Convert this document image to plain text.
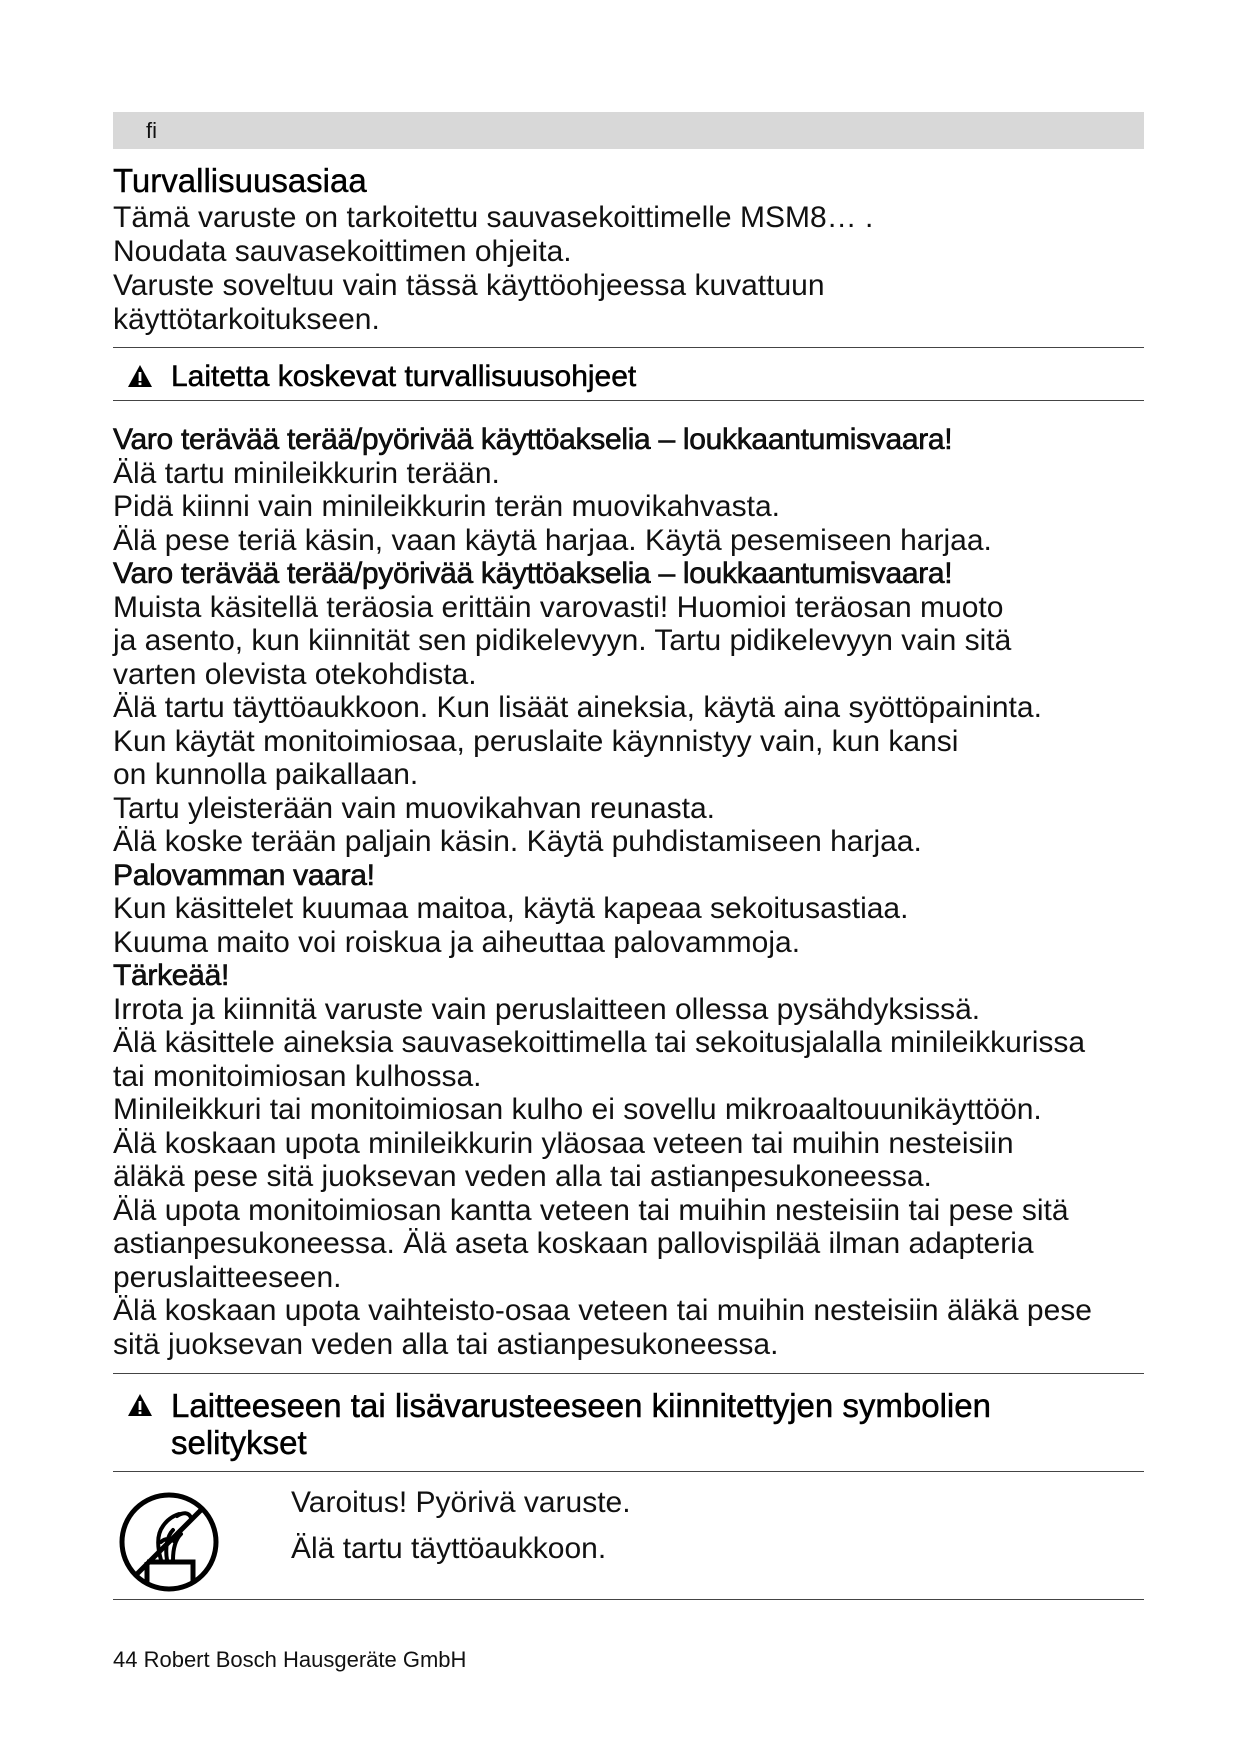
fi
Turvallisuusasiaa

Tämä varuste on tarkoitettu sauvasekoittimelle MSM8… .

Noudata sauvasekoittimen ohjeita.

Varuste soveltuu vain tässä käyttöohjeessa kuvattuun

käyttötarkoitukseen.

Laitetta koskevat turvallisuusohjeet

Varo terävää terää/pyörivää käyttöakselia – loukkaantumisvaara!

Älä tartu minileikkurin terään.

Pidä kiinni vain minileikkurin terän muovikahvasta.

Älä pese teriä käsin, vaan käytä harjaa. Käytä pesemiseen harjaa.

Varo terävää terää/pyörivää käyttöakselia – loukkaantumisvaara!

Muista käsitellä teräosia erittäin varovasti! Huomioi teräosan muoto

ja asento, kun kiinnität sen pidikelevyyn. Tartu pidikelevyyn vain sitä

varten olevista otekohdista.

Älä tartu täyttöaukkoon. Kun lisäät aineksia, käytä aina syöttöpaininta.

Kun käytät monitoimiosaa, peruslaite käynnistyy vain, kun kansi

on kunnolla paikallaan.

Tartu yleisterään vain muovikahvan reunasta.

Älä koske terään paljain käsin. Käytä puhdistamiseen harjaa.

Palovamman vaara!

Kun käsittelet kuumaa maitoa, käytä kapeaa sekoitusastiaa.

Kuuma maito voi roiskua ja aiheuttaa palovammoja.

Tärkeää!

Irrota ja kiinnitä varuste vain peruslaitteen ollessa pysähdyksissä.

Älä käsittele aineksia sauvasekoittimella tai sekoitusjalalla minileikkurissa

tai monitoimiosan kulhossa.

Minileikkuri tai monitoimiosan kulho ei sovellu mikroaaltouunikäyttöön.

Älä koskaan upota minileikkurin yläosaa veteen tai muihin nesteisiin

äläkä pese sitä juoksevan veden alla tai astianpesukoneessa.

Älä upota monitoimiosan kantta veteen tai muihin nesteisiin tai pese sitä

astianpesukoneessa. Älä aseta koskaan pallovispilää ilman adapteria

peruslaitteeseen.

Älä koskaan upota vaihteisto-osaa veteen tai muihin nesteisiin äläkä pese

sitä juoksevan veden alla tai astianpesukoneessa.

Laitteeseen tai lisävarusteeseen kiinnitettyjen symbolien
selitykset

Varoitus! Pyörivä varuste.

Älä tartu täyttöaukkoon.

44 Robert Bosch Hausgeräte GmbH
